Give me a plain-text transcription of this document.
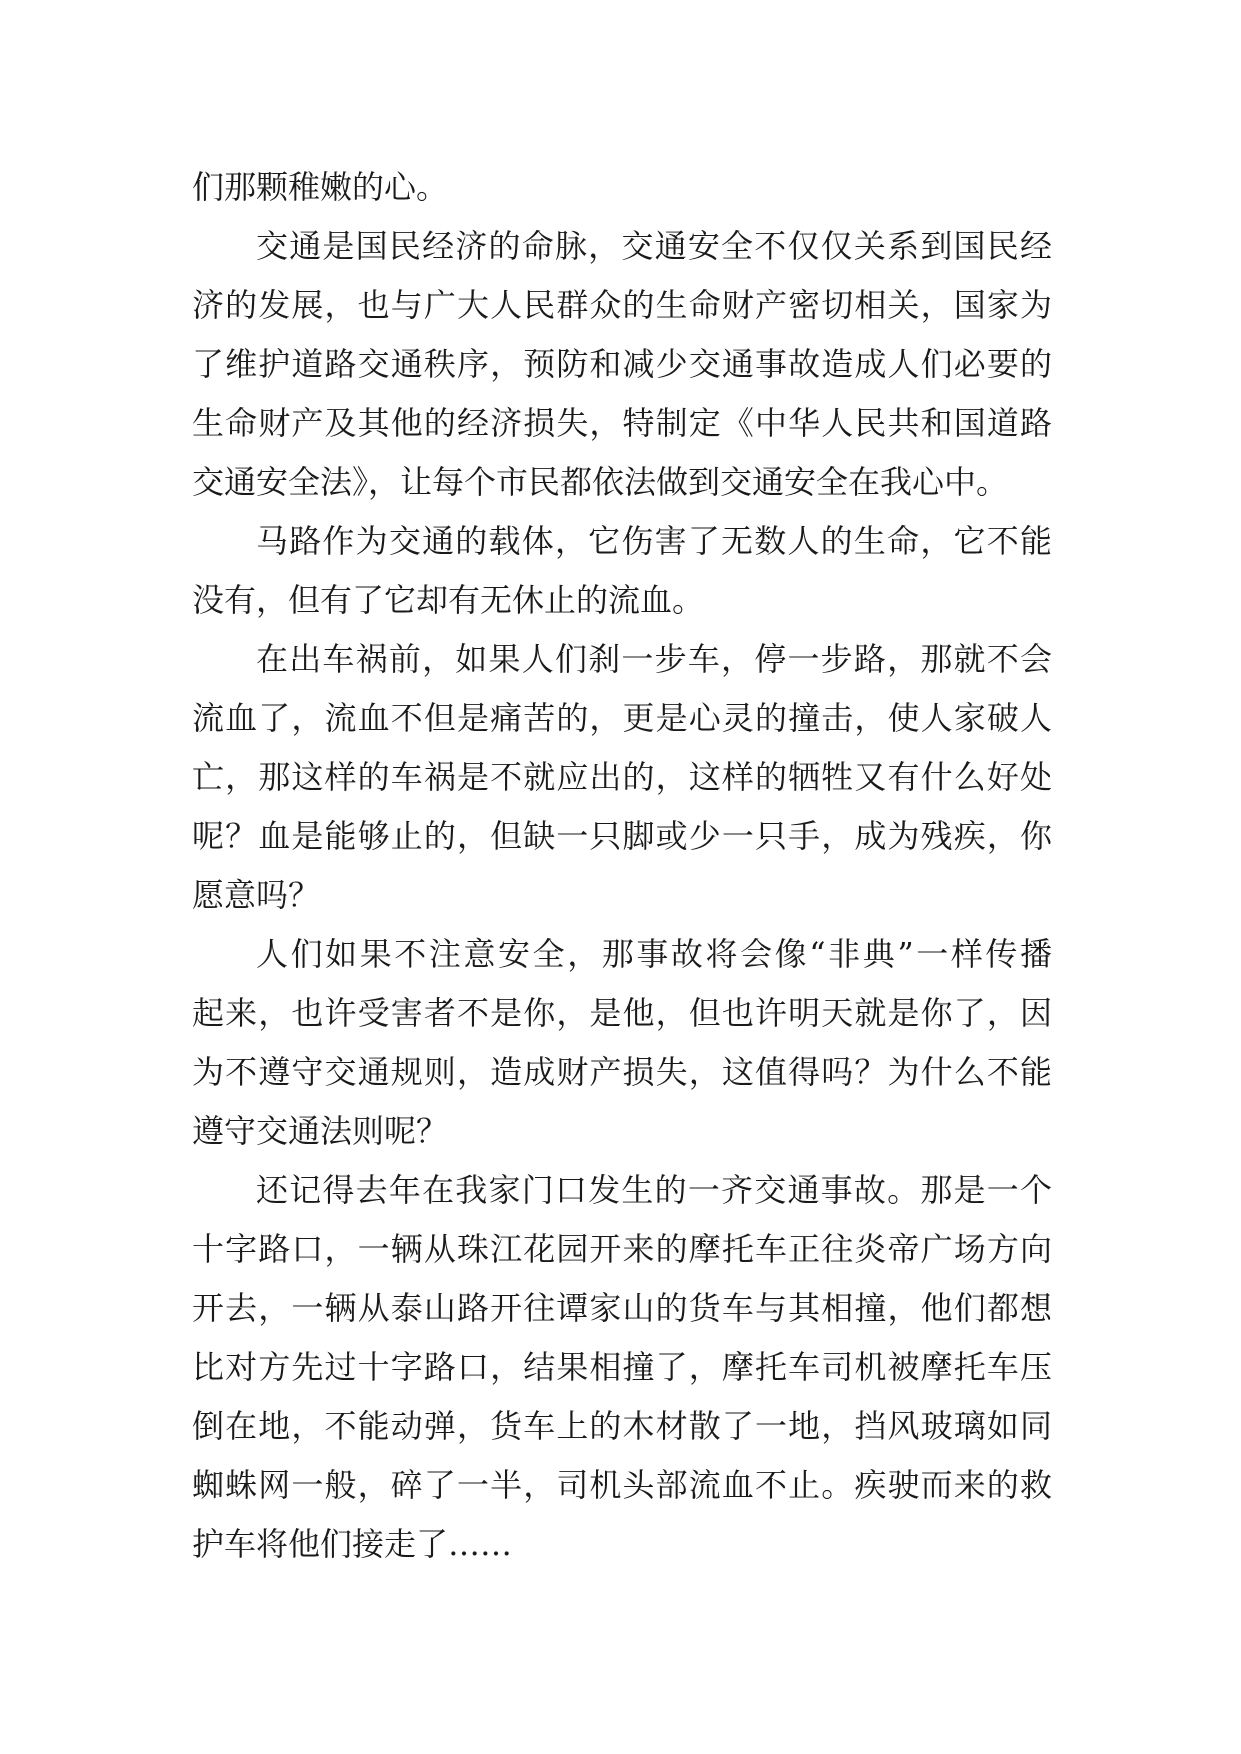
们那颗稚嫩的心。
交通是国民经济的命脉，交通安全不仅仅关系到国民经
济的发展，也与广大人民群众的生命财产密切相关，国家为
了维护道路交通秩序，预防和减少交通事故造成人们必要的
生命财产及其他的经济损失，特制定《中华人民共和国道路
交通安全法》，让每个市民都依法做到交通安全在我心中。
马路作为交通的载体，它伤害了无数人的生命，它不能
没有，但有了它却有无休止的流血。
在出车祸前，如果人们刹一步车，停一步路，那就不会
流血了，流血不但是痛苦的，更是心灵的撞击，使人家破人
亡，那这样的车祸是不就应出的，这样的牺牲又有什么好处
呢？血是能够止的，但缺一只脚或少一只手，成为残疾，你
愿意吗？
人们如果不注意安全，那事故将会像“非典”一样传播
起来，也许受害者不是你，是他，但也许明天就是你了，因
为不遵守交通规则，造成财产损失，这值得吗？为什么不能
遵守交通法则呢？
还记得去年在我家门口发生的一齐交通事故。那是一个
十字路口，一辆从珠江花园开来的摩托车正往炎帝广场方向
开去，一辆从泰山路开往谭家山的货车与其相撞，他们都想
比对方先过十字路口，结果相撞了，摩托车司机被摩托车压
倒在地，不能动弹，货车上的木材散了一地，挡风玻璃如同
蜘蛛网一般，碎了一半，司机头部流血不止。疾驶而来的救
护车将他们接走了……
